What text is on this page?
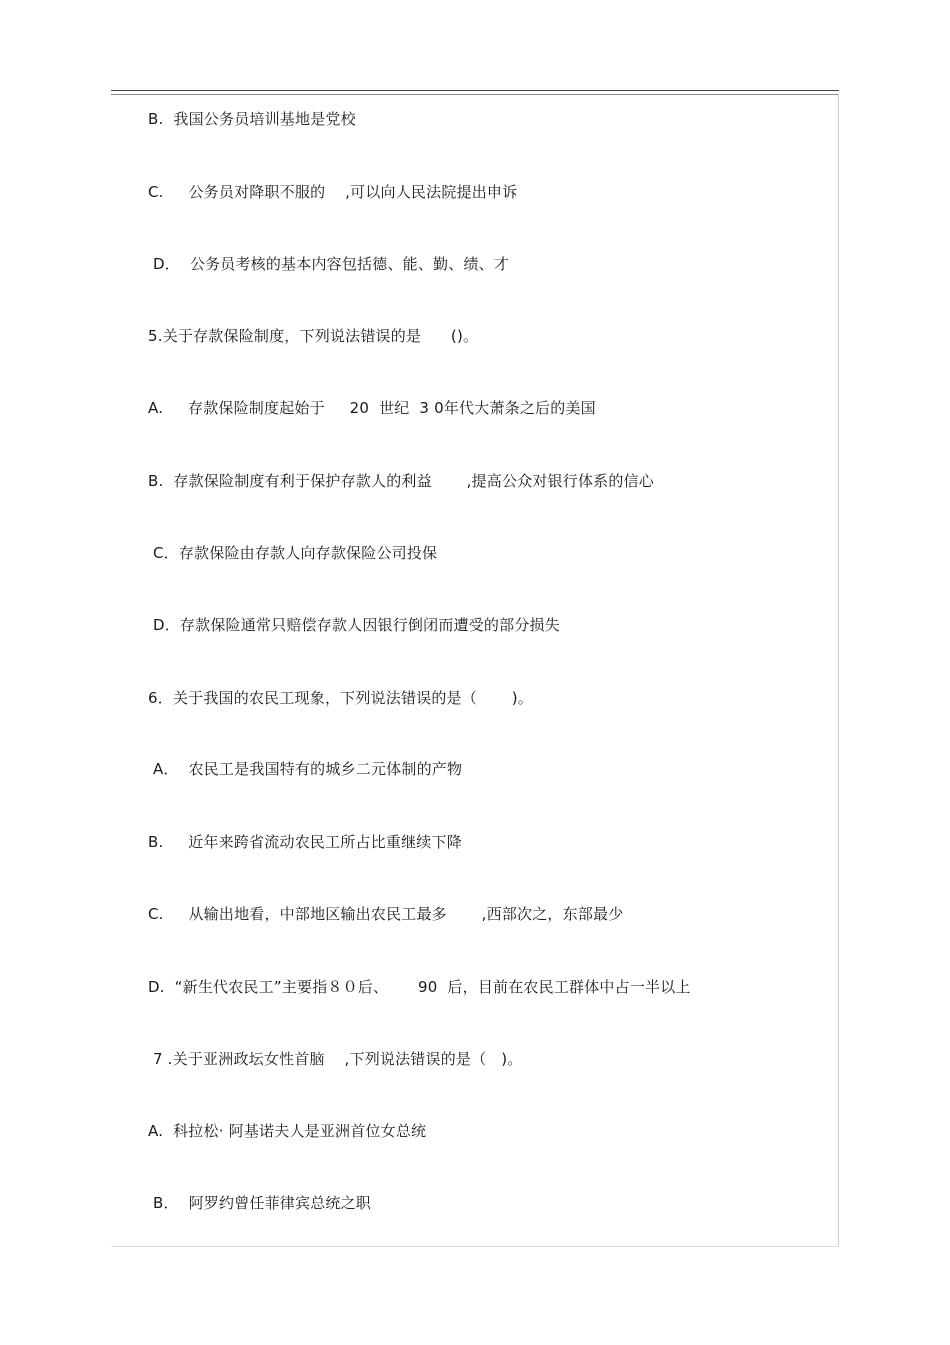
B.  我国公务员培训基地是党校
C.     公务员对降职不服的    ,可以向人民法院提出申诉
D．  公务员考核的基本内容包括德、能、勤、绩、才
5.关于存款保险制度，下列说法错误的是      ()。
A.     存款保险制度起始于     20  世纪  3 0年代大萧条之后的美国
B.  存款保险制度有利于保护存款人的利益       ,提高公众对银行体系的信心
C．存款保险由存款人向存款保险公司投保
D．存款保险通常只赔偿存款人因银行倒闭而遭受的部分损失
6．关于我国的农民工现象，下列说法错误的是（       )。
A．  农民工是我国特有的城乡二元体制的产物
B.     近年来跨省流动农民工所占比重继续下降
C.     从输出地看，中部地区输出农民工最多       ,西部次之，东部最少
D.  “新生代农民工”主要指８０后、      90  后，目前在农民工群体中占一半以上
7 .关于亚洲政坛女性首脑    ,下列说法错误的是（   )。
A.  科拉松· 阿基诺夫人是亚洲首位女总统
B．  阿罗约曾任菲律宾总统之职
